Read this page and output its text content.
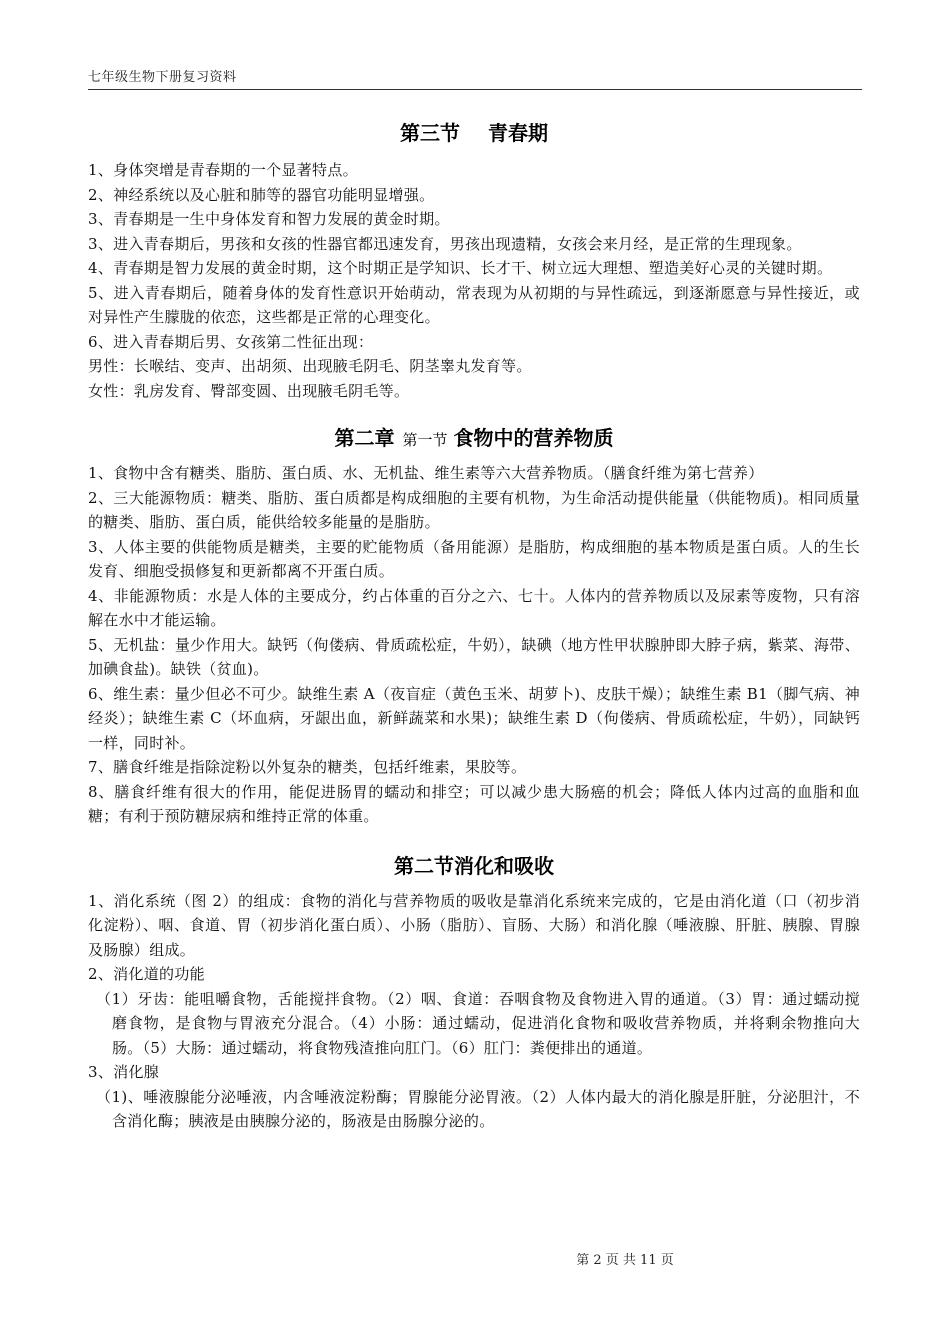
七年级生物下册复习资料
第三节 青春期

1、身体突增是青春期的一个显著特点。

2、神经系统以及心脏和肺等的器官功能明显增强。

3、青春期是一生中身体发育和智力发展的黄金时期。

3、进入青春期后，男孩和女孩的性器官都迅速发育，男孩出现遗精，女孩会来月经，是正常的生理现象。

4、青春期是智力发展的黄金时期，这个时期正是学知识、长才干、树立远大理想、塑造美好心灵的关键时期。

5、进入青春期后，随着身体的发育性意识开始萌动，常表现为从初期的与异性疏远，到逐渐愿意与异性接近，或对异性产生朦胧的依恋，这些都是正常的心理变化。

6、进入青春期后男、女孩第二性征出现：

男性：长喉结、变声、出胡须、出现腋毛阴毛、阴茎睾丸发育等。

女性：乳房发育、臀部变圆、出现腋毛阴毛等。

第二章 第一节 食物中的营养物质

1、食物中含有糖类、脂肪、蛋白质、水、无机盐、维生素等六大营养物质。（膳食纤维为第七营养）

2、三大能源物质：糖类、脂肪、蛋白质都是构成细胞的主要有机物，为生命活动提供能量（供能物质)。相同质量的糖类、脂肪、蛋白质，能供给较多能量的是脂肪。

3、人体主要的供能物质是糖类，主要的贮能物质（备用能源）是脂肪，构成细胞的基本物质是蛋白质。人的生长发育、细胞受损修复和更新都离不开蛋白质。

4、非能源物质：水是人体的主要成分，约占体重的百分之六、七十。人体内的营养物质以及尿素等废物，只有溶解在水中才能运输。

5、无机盐：量少作用大。缺钙（佝偻病、骨质疏松症，牛奶），缺碘（地方性甲状腺肿即大脖子病，紫菜、海带、加碘食盐)。缺铁（贫血)。

6、维生素：量少但必不可少。缺维生素 A（夜盲症（黄色玉米、胡萝卜)、皮肤干燥）；缺维生素 B1（脚气病、神经炎）；缺维生素 C（坏血病，牙龈出血，新鲜蔬菜和水果)；缺维生素 D（佝偻病、骨质疏松症，牛奶），同缺钙一样，同时补。

7、膳食纤维是指除淀粉以外复杂的糖类，包括纤维素，果胶等。

8、膳食纤维有很大的作用，能促进肠胃的蠕动和排空；可以减少患大肠癌的机会；降低人体内过高的血脂和血糖；有利于预防糖尿病和维持正常的体重。

第二节消化和吸收

1、消化系统（图 2）的组成：食物的消化与营养物质的吸收是靠消化系统来完成的，它是由消化道（口（初步消化淀粉）、咽、食道、胃（初步消化蛋白质）、小肠（脂肪）、盲肠、大肠）和消化腺（唾液腺、肝脏、胰腺、胃腺及肠腺）组成。

2、消化道的功能

（1）牙齿：能咀嚼食物，舌能搅拌食物。（2）咽、食道：吞咽食物及食物进入胃的通道。（3）胃：通过蠕动搅磨食物，是食物与胃液充分混合。（4）小肠：通过蠕动，促进消化食物和吸收营养物质，并将剩余物推向大肠。（5）大肠：通过蠕动，将食物残渣推向肛门。（6）肛门：粪便排出的通道。

3、消化腺

（1)、唾液腺能分泌唾液，内含唾液淀粉酶；胃腺能分泌胃液。（2）人体内最大的消化腺是肝脏，分泌胆汁，不含消化酶；胰液是由胰腺分泌的，肠液是由肠腺分泌的。

第 2 页 共 11 页
